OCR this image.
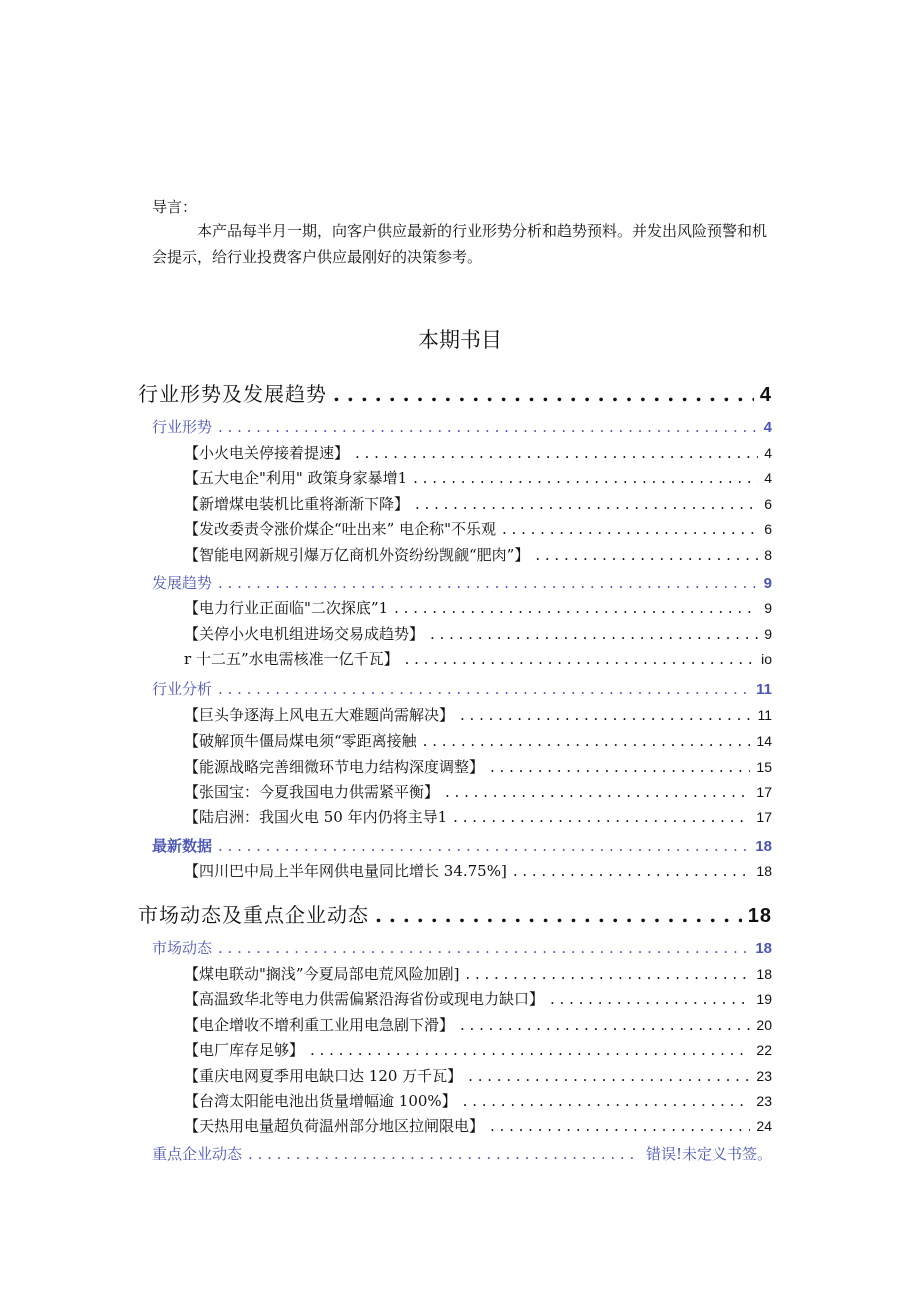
导言：
本产品每半月一期，向客户供应最新的行业形势分析和趋势预料。并发出风险预警和机会提示，给行业投费客户供应最刚好的决策参考。
本期书目
行业形势及发展趋势 . . .	4
行业形势 . . .	4
【小火电关停接着提速】 . . .	4
【五大电企"利用" 政策身家暴增1 . . .	4
【新增煤电装机比重将渐渐下降】 . . .	6
【发改委责令涨价煤企“吐出来” 电企称"不乐观 . . .	6
【智能电网新规引爆万亿商机外资纷纷觊觎“肥肉”】 . . .	8
发展趋势 . . .	9
【电力行业正面临"二次探底”1 . . .	9
【关停小火电机组进场交易成趋势】 . . .	9
r 十二五”水电需核准一亿千瓦】 . . .	io
行业分析 . . .	11
【巨头争逐海上风电五大难题尚需解决】 . . .	11
【破解顶牛僵局煤电须“零距离接触 . . .	14
【能源战略完善细微环节电力结构深度调整】 . . .	15
【张国宝：今夏我国电力供需紧平衡】 . . .	17
【陆启洲：我国火电 50 年内仍将主导1 . . .	17
最新数据 . . .	18
【四川巴中局上半年网供电量同比增长 34.75%] . . .	18
市场动态及重点企业动态 . . .	18
市场动态 . . .	18
【煤电联动"搁浅”今夏局部电荒风险加剧] . . .	18
【高温致华北等电力供需偏紧沿海省份或现电力缺口】 . . .	19
【电企增收不增利重工业用电急剧下滑】 . . .	20
【电厂库存足够】 . . .	22
【重庆电网夏季用电缺口达 120 万千瓦】 . . .	23
【台湾太阳能电池出货量增幅逾 100%】 . . .	23
【天热用电量超负荷温州部分地区拉闸限电】 . . .	24
重点企业动态 . . .	错误!未定义书签。
